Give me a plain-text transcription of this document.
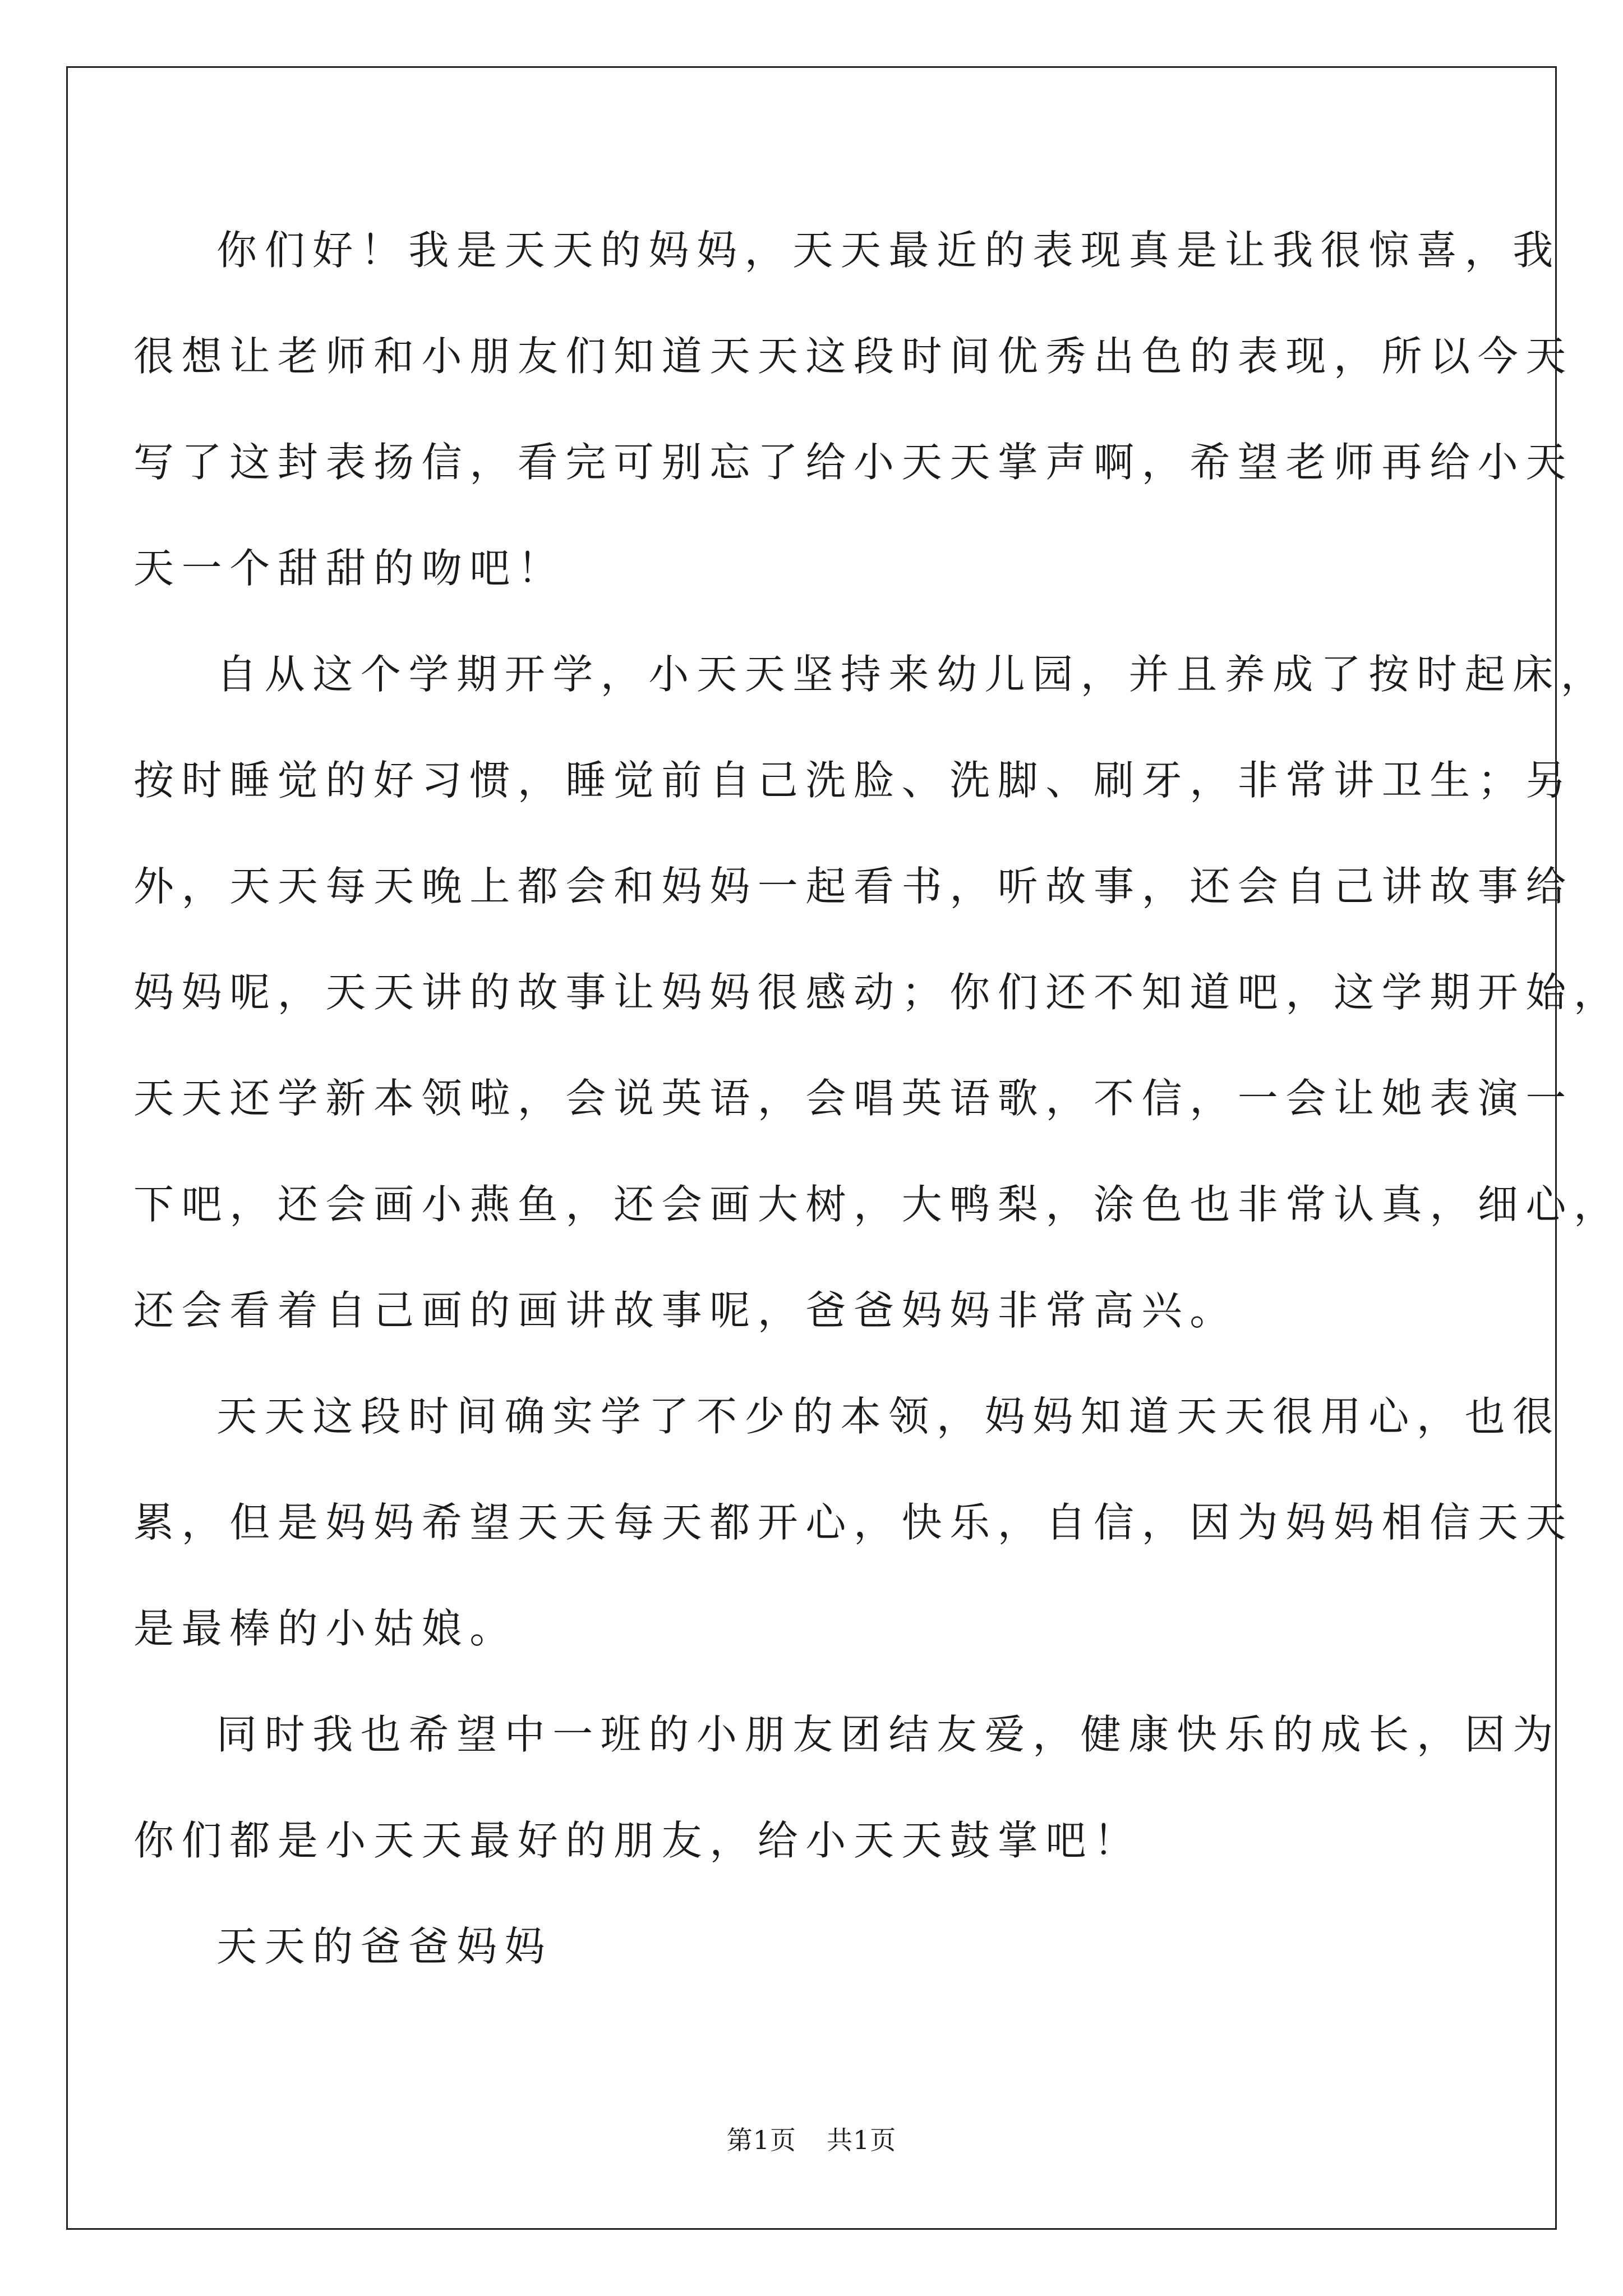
你们好！我是天天的妈妈，天天最近的表现真是让我很惊喜，我

很想让老师和小朋友们知道天天这段时间优秀出色的表现，所以今天

写了这封表扬信，看完可别忘了给小天天掌声啊，希望老师再给小天

天一个甜甜的吻吧！

自从这个学期开学，小天天坚持来幼儿园，并且养成了按时起床，

按时睡觉的好习惯，睡觉前自己洗脸、洗脚、刷牙，非常讲卫生；另

外，天天每天晚上都会和妈妈一起看书，听故事，还会自己讲故事给

妈妈呢，天天讲的故事让妈妈很感动；你们还不知道吧，这学期开始，

天天还学新本领啦，会说英语，会唱英语歌，不信，一会让她表演一

下吧，还会画小燕鱼，还会画大树，大鸭梨，涂色也非常认真，细心，

还会看着自己画的画讲故事呢，爸爸妈妈非常高兴。

天天这段时间确实学了不少的本领，妈妈知道天天很用心，也很

累，但是妈妈希望天天每天都开心，快乐，自信，因为妈妈相信天天

是最棒的小姑娘。

同时我也希望中一班的小朋友团结友爱，健康快乐的成长，因为

你们都是小天天最好的朋友，给小天天鼓掌吧！

天天的爸爸妈妈

第1页 共1页
